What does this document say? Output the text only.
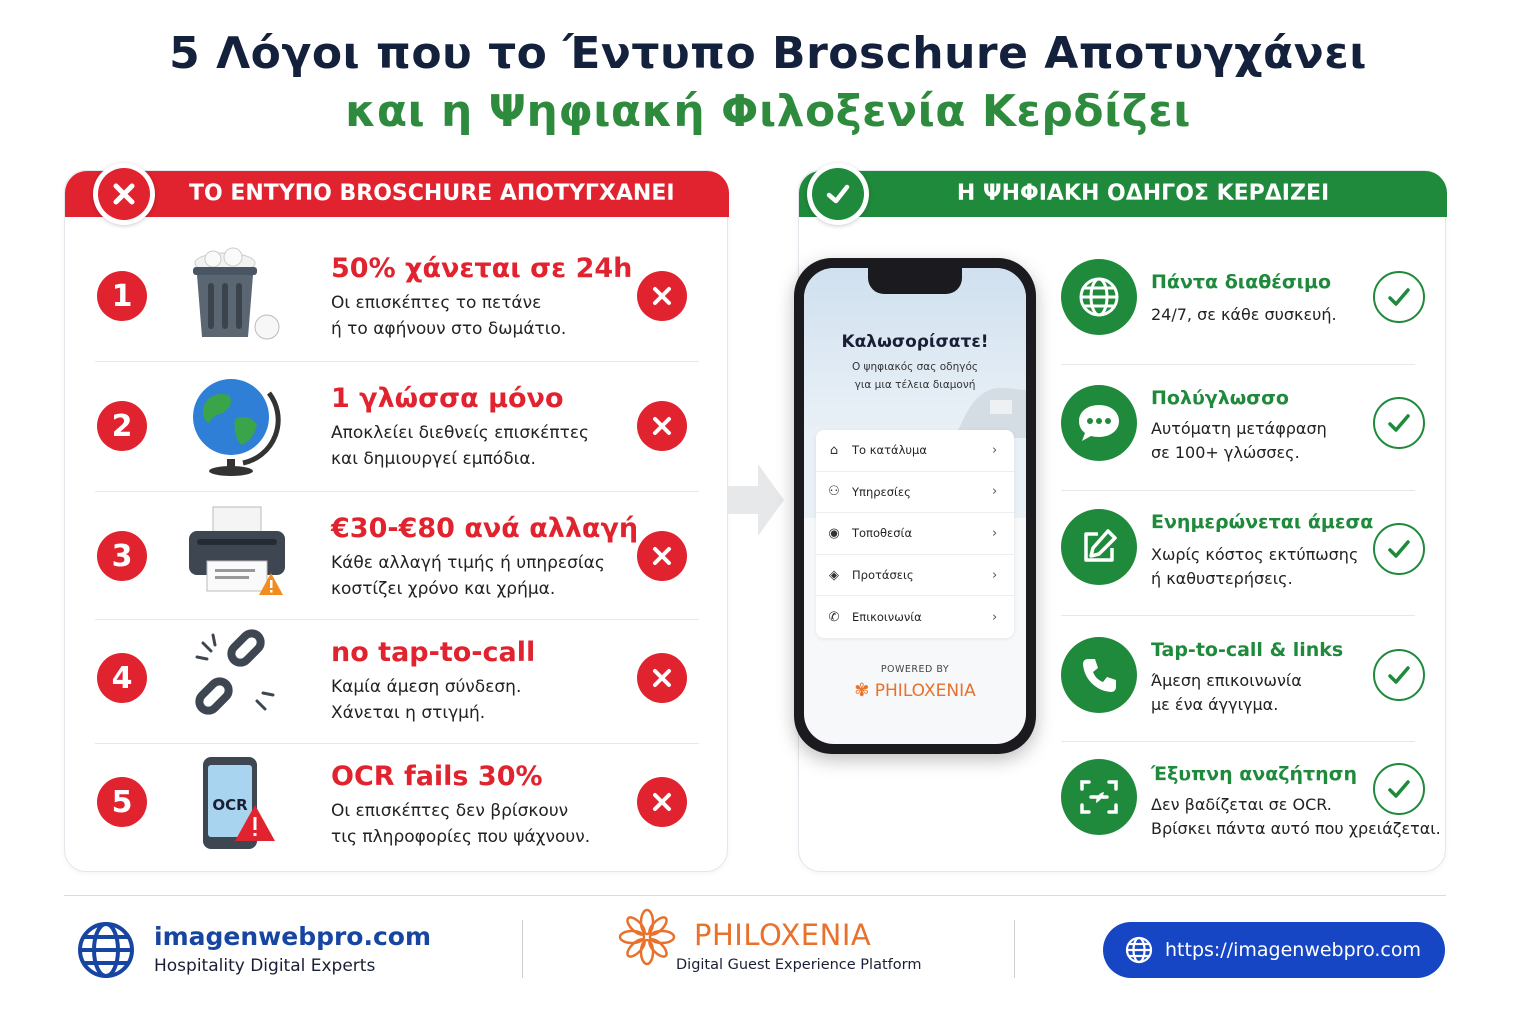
5 Λόγοι που το Έντυπο Broschure Αποτυγχάνει
και η Ψηφιακή Φιλοξενία Κερδίζει
ΤΟ ΕΝΤΥΠΟ BROSCHURE ΑΠΟΤΥΓΧΑΝΕΙ
1
50% χάνεται σε 24h
Οι επισκέπτες το πετάνε
ή το αφήνουν στο δωμάτιο.
2
1 γλώσσα μόνο
Αποκλείει διεθνείς επισκέπτες
και δημιουργεί εμπόδια.
3
€30-€80 ανά αλλαγή
Κάθε αλλαγή τιμής ή υπηρεσίας
κοστίζει χρόνο και χρήμα.
4
no tap-to-call
Καμία άμεση σύνδεση.
Χάνεται η στιγμή.
5	OCR
OCR fails 30%
Οι επισκέπτες δεν βρίσκουν
τις πληροφορίες που ψάχνουν.
Η ΨΗΦΙΑΚΗ ΟΔΗΓΟΣ ΚΕΡΔΙΖΕΙ
Πάντα διαθέσιμο
24/7, σε κάθε συσκευή.
Πολύγλωσσο
Αυτόματη μετάφραση
σε 100+ γλώσσες.
Ενημερώνεται άμεσα
Χωρίς κόστος εκτύπωσης
ή καθυστερήσεις.
Tap-to-call & links
Άμεση επικοινωνία
με ένα άγγιγμα.
Έξυπνη αναζήτηση
Δεν βαδίζεται σε OCR.
Βρίσκει πάντα αυτό που χρειάζεται.
Καλωσορίσατε!
Ο ψηφιακός σας οδηγός
για μια τέλεια διαμονή
⌂	Το κατάλυμα	›
⚇	Υπηρεσίες	›
◉	Τοποθεσία	›
◈	Προτάσεις	›
✆	Επικοινωνία	›
POWERED BY
✾ PHILOXENIA
imagenwebpro.com
Hospitality Digital Experts
PHILOXENIA
Digital Guest Experience Platform
https://imagenwebpro.com
